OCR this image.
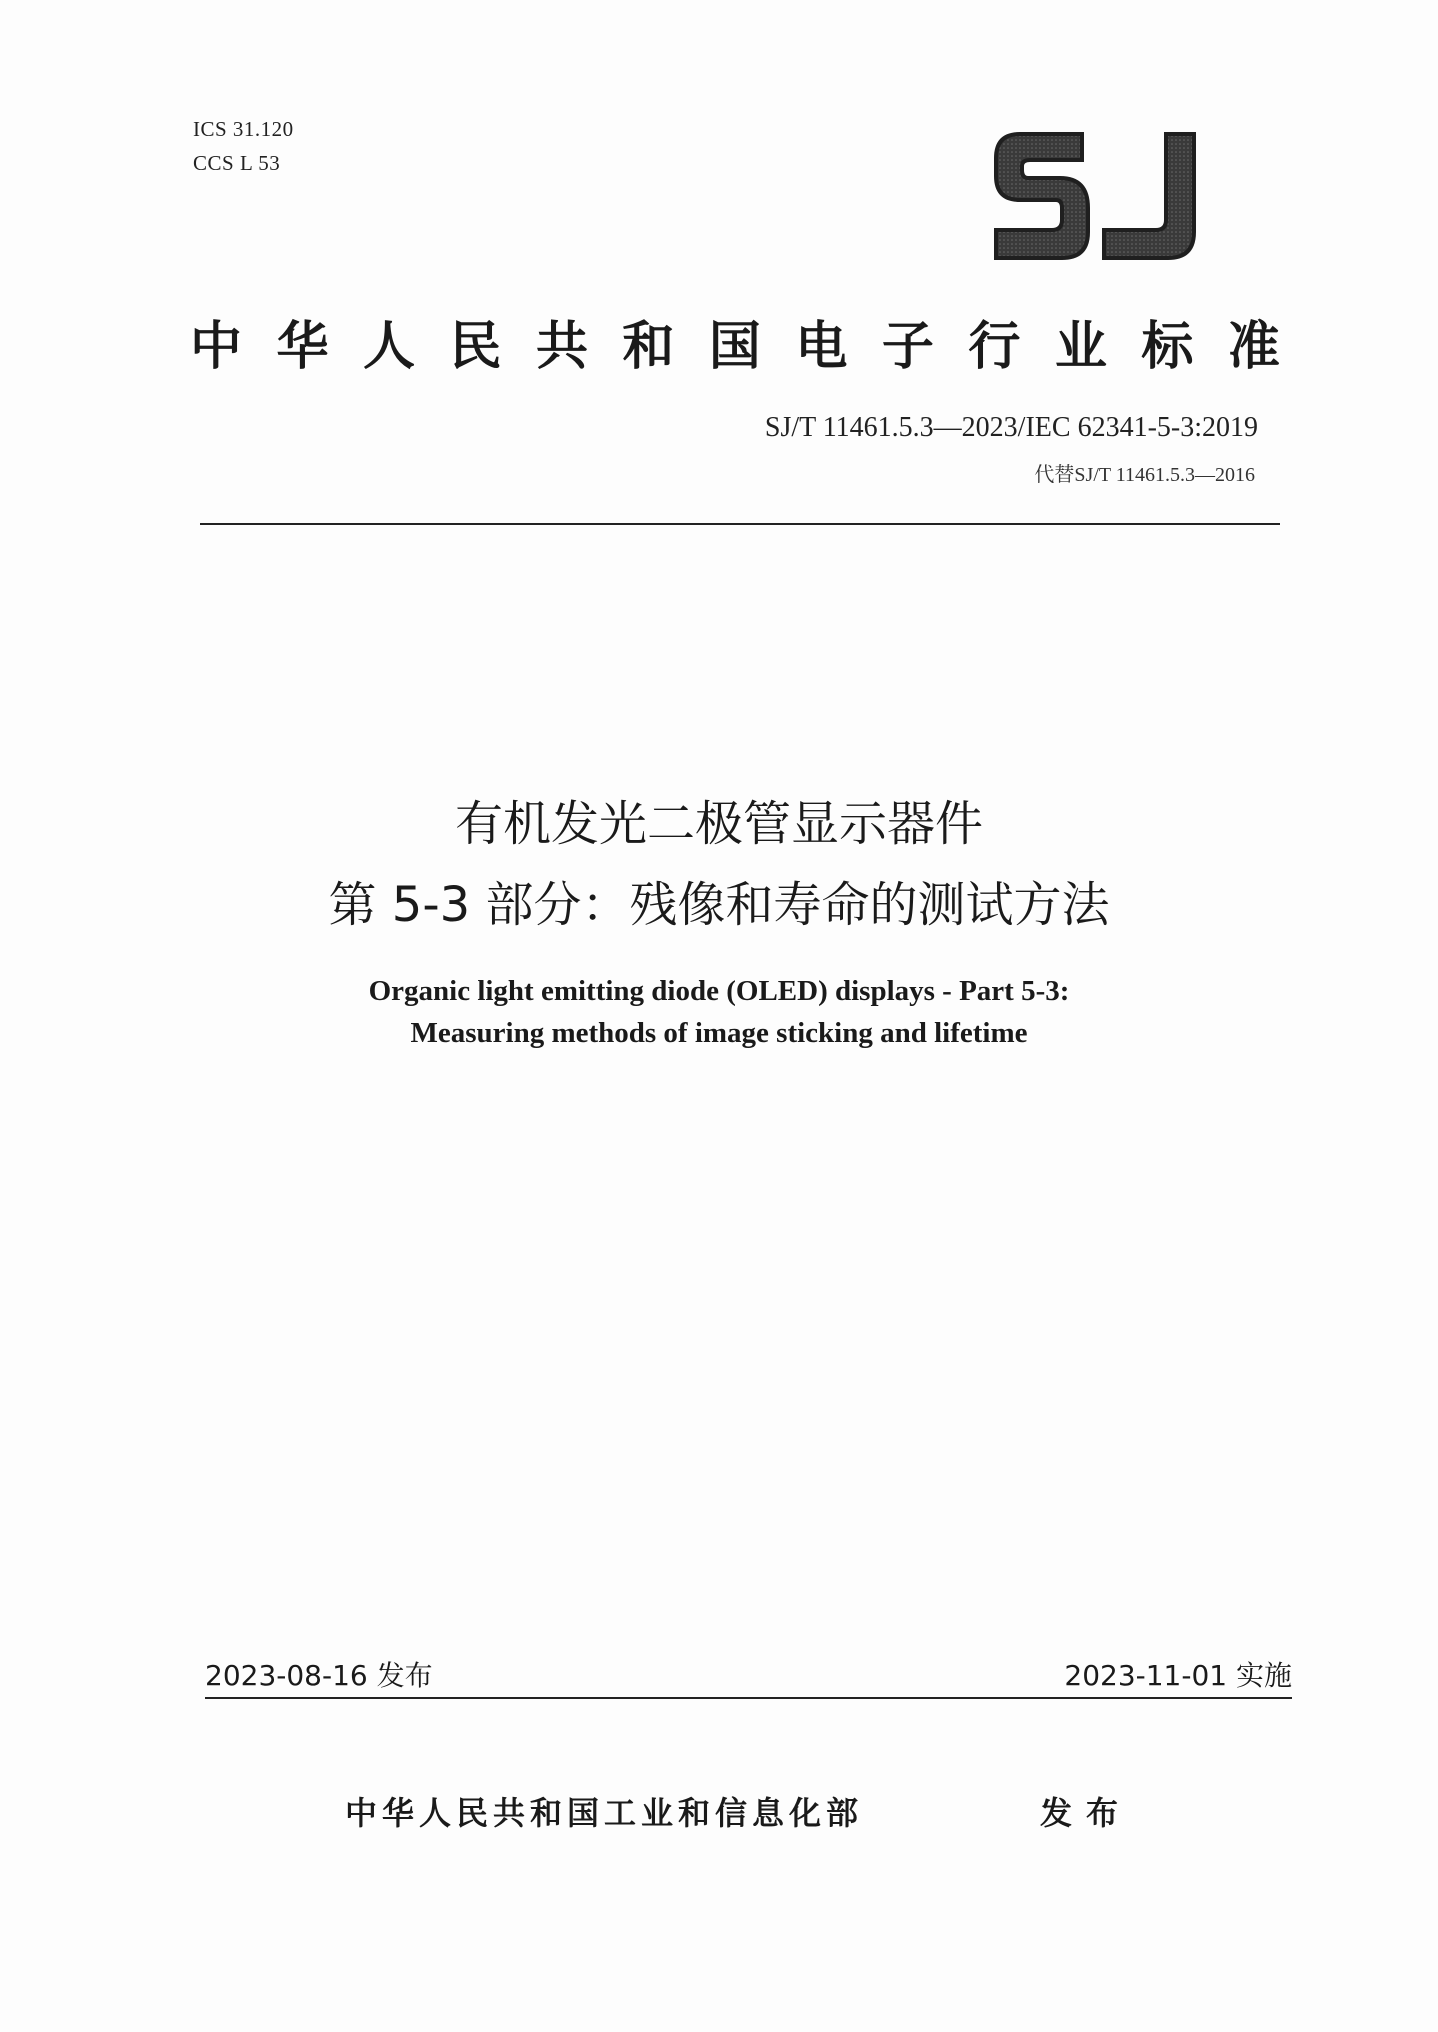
ICS 31.120
CCS L 53
中 华 人 民 共 和 国 电 子 行 业 标 准
SJ/T 11461.5.3—2023/IEC 62341-5-3:2019
代替SJ/T 11461.5.3—2016
有机发光二极管显示器件
第 5-3 部分：残像和寿命的测试方法
Organic light emitting diode (OLED) displays - Part 5-3:
Measuring methods of image sticking and lifetime
2023-08-16 发布	2023-11-01 实施
中华人民共和国工业和信息化部	发布
